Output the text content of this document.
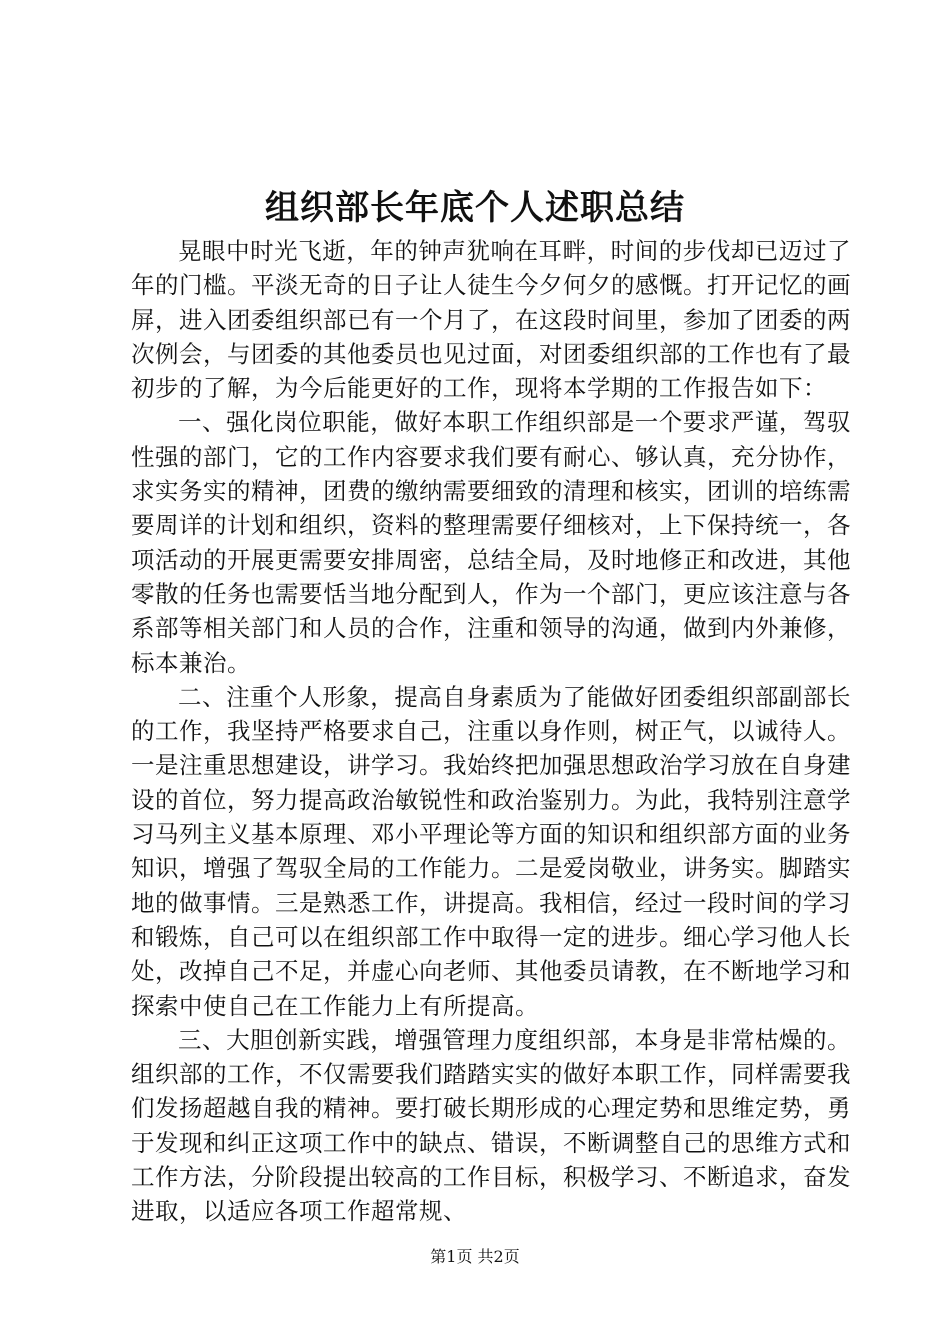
组织部长年底个人述职总结

晃眼中时光飞逝，年的钟声犹响在耳畔，时间的步伐却已迈过了年的门槛。平淡无奇的日子让人徒生今夕何夕的感慨。打开记忆的画屏，进入团委组织部已有一个月了，在这段时间里，参加了团委的两次例会，与团委的其他委员也见过面，对团委组织部的工作也有了最初步的了解，为今后能更好的工作，现将本学期的工作报告如下：

一、强化岗位职能，做好本职工作组织部是一个要求严谨，驾驭性强的部门，它的工作内容要求我们要有耐心、够认真，充分协作，求实务实的精神，团费的缴纳需要细致的清理和核实，团训的培练需要周详的计划和组织，资料的整理需要仔细核对，上下保持统一，各项活动的开展更需要安排周密，总结全局，及时地修正和改进，其他零散的任务也需要恬当地分配到人，作为一个部门，更应该注意与各系部等相关部门和人员的合作，注重和领导的沟通，做到内外兼修，标本兼治。

二、注重个人形象，提高自身素质为了能做好团委组织部副部长的工作，我坚持严格要求自己，注重以身作则，树正气，以诚待人。一是注重思想建设，讲学习。我始终把加强思想政治学习放在自身建设的首位，努力提高政治敏锐性和政治鉴别力。为此，我特别注意学习马列主义基本原理、邓小平理论等方面的知识和组织部方面的业务知识，增强了驾驭全局的工作能力。二是爱岗敬业，讲务实。脚踏实地的做事情。三是熟悉工作，讲提高。我相信，经过一段时间的学习和锻炼，自己可以在组织部工作中取得一定的进步。细心学习他人长处，改掉自己不足，并虚心向老师、其他委员请教，在不断地学习和探索中使自己在工作能力上有所提高。

三、大胆创新实践，增强管理力度组织部，本身是非常枯燥的。组织部的工作，不仅需要我们踏踏实实的做好本职工作，同样需要我们发扬超越自我的精神。要打破长期形成的心理定势和思维定势，勇于发现和纠正这项工作中的缺点、错误，不断调整自己的思维方式和工作方法，分阶段提出较高的工作目标，积极学习、不断追求，奋发进取，以适应各项工作超常规、

第1页 共2页
